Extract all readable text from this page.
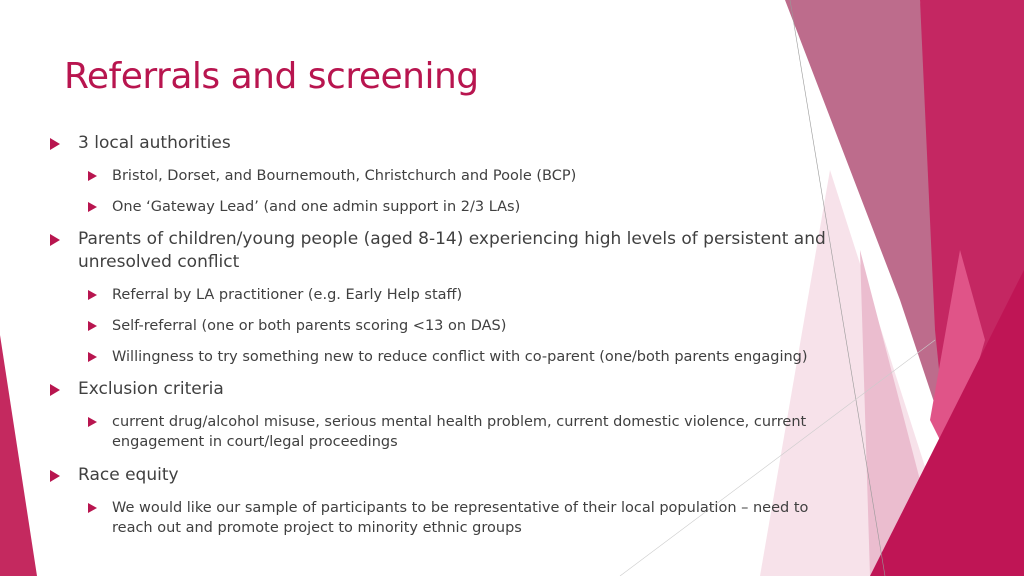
Referrals and screening
3 local authorities
Bristol, Dorset, and Bournemouth, Christchurch and Poole (BCP)
One ‘Gateway Lead’ (and one admin support in 2/3 LAs)
Parents of children/young people (aged 8-14) experiencing high levels of persistent and unresolved conflict
Referral by LA practitioner (e.g. Early Help staff)
Self-referral (one or both parents scoring <13 on DAS)
Willingness to try something new to reduce conflict with co-parent (one/both parents engaging)
Exclusion criteria
current drug/alcohol misuse, serious mental health problem, current domestic violence, current engagement in court/legal proceedings
Race equity
We would like our sample of participants to be representative of their local population – need to reach out and promote project to minority ethnic groups
